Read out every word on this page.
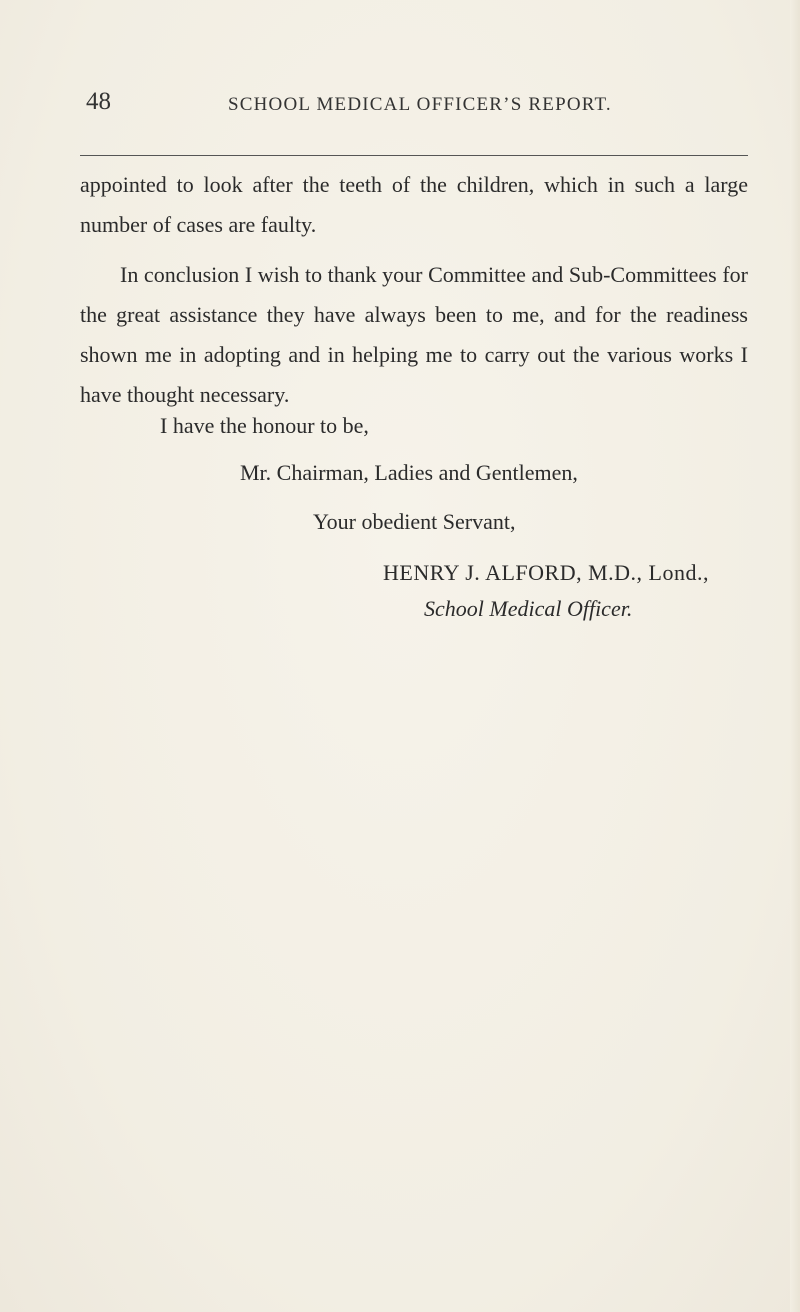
48	SCHOOL MEDICAL OFFICER’S REPORT.

appointed to look after the teeth of the children, which in such a large number of cases are faulty.

In conclusion I wish to thank your Committee and Sub-Committees for the great assistance they have always been to me, and for the readiness shown me in adopting and in helping me to carry out the various works I have thought necessary.

I have the honour to be,
Mr. Chairman, Ladies and Gentlemen,
Your obedient Servant,
HENRY J. ALFORD, M.D., Lond.,
School Medical Officer.
